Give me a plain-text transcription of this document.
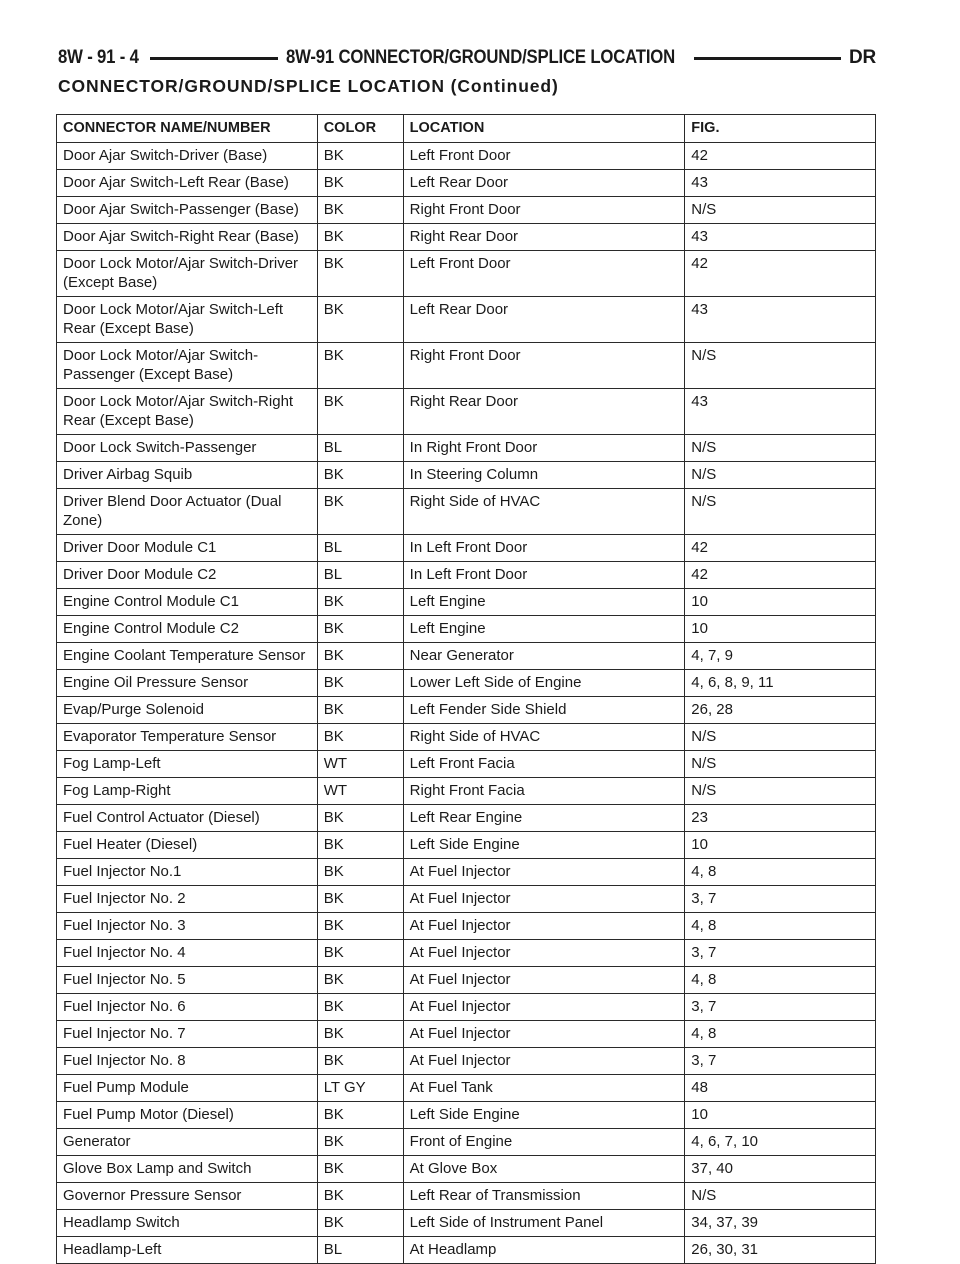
8W - 91 - 4	8W-91 CONNECTOR/GROUND/SPLICE LOCATION	DR
CONNECTOR/GROUND/SPLICE LOCATION (Continued)
CONNECTOR NAME/NUMBER	COLOR	LOCATION	FIG.
Door Ajar Switch-Driver (Base)	BK	Left Front Door	42
Door Ajar Switch-Left Rear (Base)	BK	Left Rear Door	43
Door Ajar Switch-Passenger (Base)	BK	Right Front Door	N/S
Door Ajar Switch-Right Rear (Base)	BK	Right Rear Door	43
Door Lock Motor/Ajar Switch-Driver (Except Base)	BK	Left Front Door	42
Door Lock Motor/Ajar Switch-Left Rear (Except Base)	BK	Left Rear Door	43
Door Lock Motor/Ajar Switch-Passenger (Except Base)	BK	Right Front Door	N/S
Door Lock Motor/Ajar Switch-Right Rear (Except Base)	BK	Right Rear Door	43
Door Lock Switch-Passenger	BL	In Right Front Door	N/S
Driver Airbag Squib	BK	In Steering Column	N/S
Driver Blend Door Actuator (Dual Zone)	BK	Right Side of HVAC	N/S
Driver Door Module C1	BL	In Left Front Door	42
Driver Door Module C2	BL	In Left Front Door	42
Engine Control Module C1	BK	Left Engine	10
Engine Control Module C2	BK	Left Engine	10
Engine Coolant Temperature Sensor	BK	Near Generator	4, 7, 9
Engine Oil Pressure Sensor	BK	Lower Left Side of Engine	4, 6, 8, 9, 11
Evap/Purge Solenoid	BK	Left Fender Side Shield	26, 28
Evaporator Temperature Sensor	BK	Right Side of HVAC	N/S
Fog Lamp-Left	WT	Left Front Facia	N/S
Fog Lamp-Right	WT	Right Front Facia	N/S
Fuel Control Actuator (Diesel)	BK	Left Rear Engine	23
Fuel Heater (Diesel)	BK	Left Side Engine	10
Fuel Injector No.1	BK	At Fuel Injector	4, 8
Fuel Injector No. 2	BK	At Fuel Injector	3, 7
Fuel Injector No. 3	BK	At Fuel Injector	4, 8
Fuel Injector No. 4	BK	At Fuel Injector	3, 7
Fuel Injector No. 5	BK	At Fuel Injector	4, 8
Fuel Injector No. 6	BK	At Fuel Injector	3, 7
Fuel Injector No. 7	BK	At Fuel Injector	4, 8
Fuel Injector No. 8	BK	At Fuel Injector	3, 7
Fuel Pump Module	LT GY	At Fuel Tank	48
Fuel Pump Motor (Diesel)	BK	Left Side Engine	10
Generator	BK	Front of Engine	4, 6, 7, 10
Glove Box Lamp and Switch	BK	At Glove Box	37, 40
Governor Pressure Sensor	BK	Left Rear of Transmission	N/S
Headlamp Switch	BK	Left Side of Instrument Panel	34, 37, 39
Headlamp-Left	BL	At Headlamp	26, 30, 31
